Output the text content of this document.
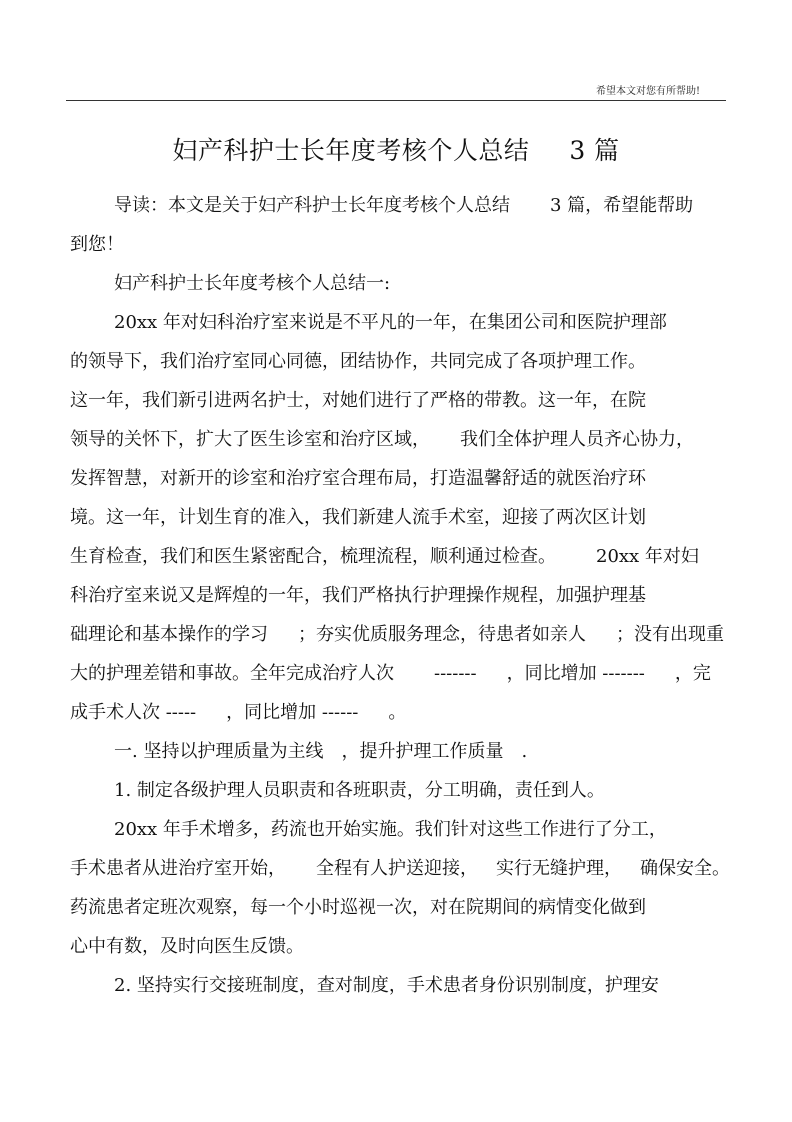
希望本文对您有所帮助!
妇产科护士长年度考核个人总结 3 篇
导读：本文是关于妇产科护士长年度考核个人总结 3 篇，希望能帮助
到您！
妇产科护士长年度考核个人总结一:
20xx 年对妇科治疗室来说是不平凡的一年，在集团公司和医院护理部
的领导下，我们治疗室同心同德，团结协作，共同完成了各项护理工作。
这一年，我们新引进两名护士，对她们进行了严格的带教。这一年，在院
领导的关怀下，扩大了医生诊室和治疗区域， 我们全体护理人员齐心协力，
发挥智慧，对新开的诊室和治疗室合理布局，打造温馨舒适的就医治疗环
境。这一年，计划生育的准入，我们新建人流手术室，迎接了两次区计划
生育检查，我们和医生紧密配合，梳理流程，顺利通过检查。 20xx 年对妇
科治疗室来说又是辉煌的一年，我们严格执行护理操作规程，加强护理基
础理论和基本操作的学习 ；夯实优质服务理念，待患者如亲人 ；没有出现重
大的护理差错和事故。全年完成治疗人次 ------- ，同比增加 ------- ，完
成手术人次 ----- ，同比增加 ------ 。
一. 坚持以护理质量为主线 ，提升护理工作质量 .
1. 制定各级护理人员职责和各班职责，分工明确，责任到人。
20xx 年手术增多，药流也开始实施。我们针对这些工作进行了分工，
手术患者从进治疗室开始， 全程有人护送迎接， 实行无缝护理， 确保安全。
药流患者定班次观察，每一个小时巡视一次，对在院期间的病情变化做到
心中有数，及时向医生反馈。
2. 坚持实行交接班制度，查对制度，手术患者身份识别制度，护理安
